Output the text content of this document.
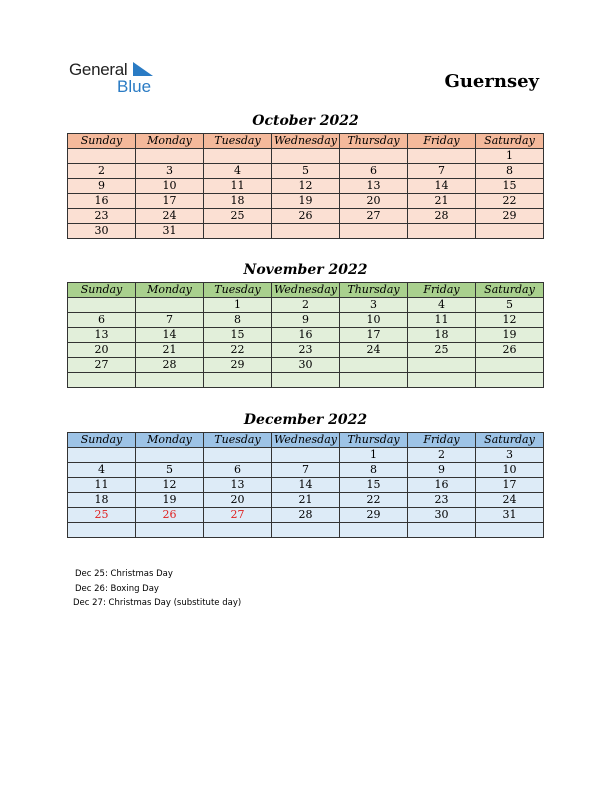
General
Blue	Guernsey
October 2022
Sunday	Monday	Tuesday	Wednesday	Thursday	Friday	Saturday
						1
2	3	4	5	6	7	8
9	10	11	12	13	14	15
16	17	18	19	20	21	22
23	24	25	26	27	28	29
30	31					
November 2022
Sunday	Monday	Tuesday	Wednesday	Thursday	Friday	Saturday
		1	2	3	4	5
6	7	8	9	10	11	12
13	14	15	16	17	18	19
20	21	22	23	24	25	26
27	28	29	30			

December 2022
Sunday	Monday	Tuesday	Wednesday	Thursday	Friday	Saturday
				1	2	3
4	5	6	7	8	9	10
11	12	13	14	15	16	17
18	19	20	21	22	23	24
25	26	27	28	29	30	31

Dec 25: Christmas Day
Dec 26: Boxing Day
Dec 27: Christmas Day (substitute day)
